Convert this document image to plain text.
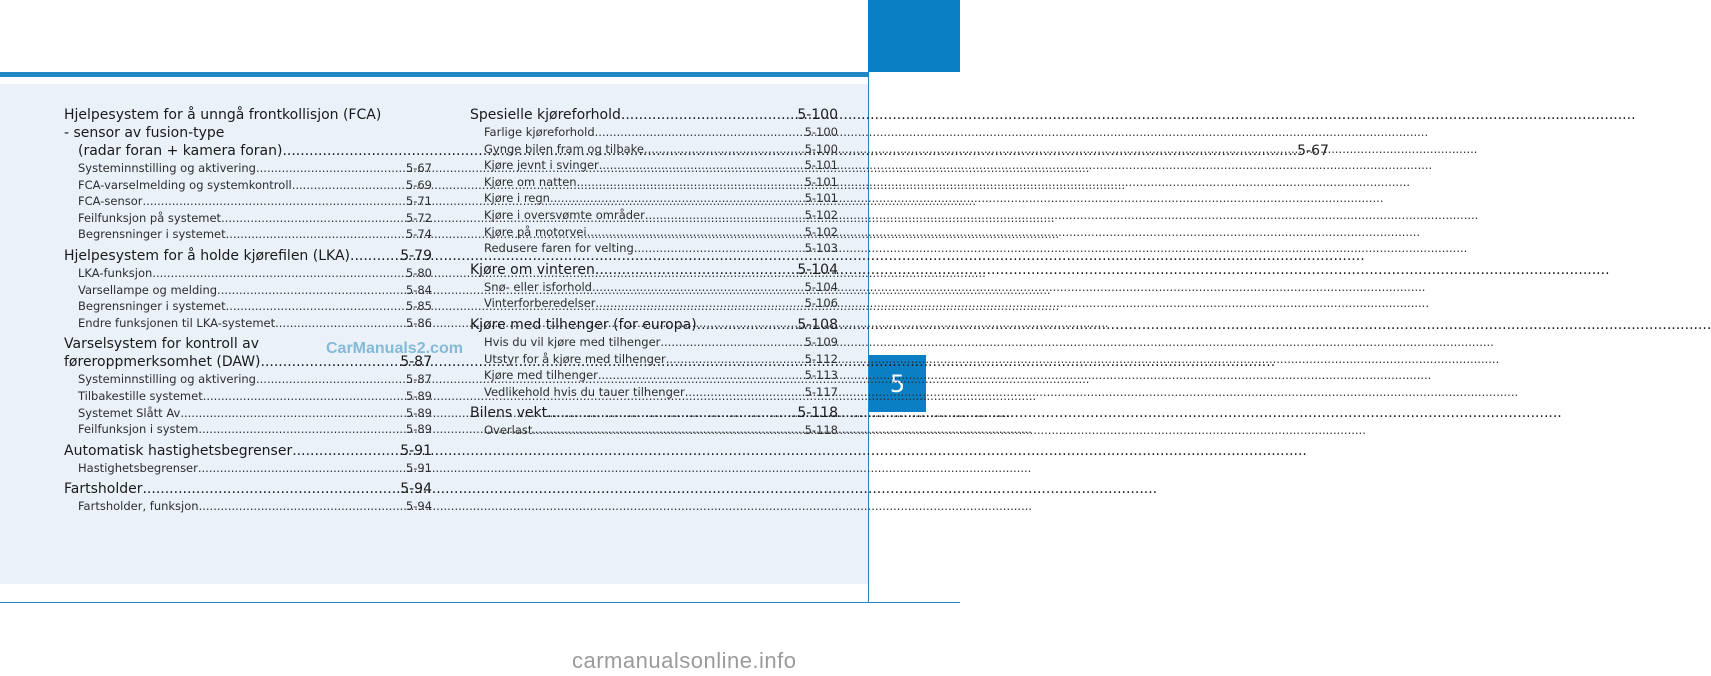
5
Hjelpesystem for å unngå frontkollisjon (FCA)
- sensor av fusion-type
(radar foran + kamera foran) .....	5-67
Systeminnstilling og aktivering .....	5-67
FCA-varselmelding og systemkontroll .....	5-69
FCA-sensor .....	5-71
Feilfunksjon på systemet .....	5-72
Begrensninger i systemet .....	5-74
Hjelpesystem for å holde kjørefilen (LKA) .....	5-79
LKA-funksjon .....	5-80
Varsellampe og melding .....	5-84
Begrensninger i systemet .....	5-85
Endre funksjonen til LKA-systemet .....	5-86
Varselsystem for kontroll av
føreroppmerksomhet (DAW) .....	5-87
Systeminnstilling og aktivering .....	5-87
Tilbakestille systemet .....	5-89
Systemet Slått Av .....	5-89
Feilfunksjon i system .....	5-89
Automatisk hastighetsbegrenser .....	5-91
Hastighetsbegrenser .....	5-91
Fartsholder .....	5-94
Fartsholder, funksjon .....	5-94
Spesielle kjøreforhold .....	5-100
Farlige kjøreforhold .....	5-100
Gynge bilen fram og tilbake .....	5-100
Kjøre jevnt i svinger .....	5-101
Kjøre om natten .....	5-101
Kjøre i regn .....	5-101
Kjøre i oversvømte områder .....	5-102
Kjøre på motorvei .....	5-102
Redusere faren for velting .....	5-103
Kjøre om vinteren .....	5-104
Snø- eller isforhold .....	5-104
Vinterforberedelser .....	5-106
Kjøre med tilhenger (for europa) .....	5-108
Hvis du vil kjøre med tilhenger .....	5-109
Utstyr for å kjøre med tilhenger .....	5-112
Kjøre med tilhenger .....	5-113
Vedlikehold hvis du tauer tilhenger .....	5-117
Bilens vekt .....	5-118
Overlast .....	5-118
CarManuals2.com
carmanualsonline.info
